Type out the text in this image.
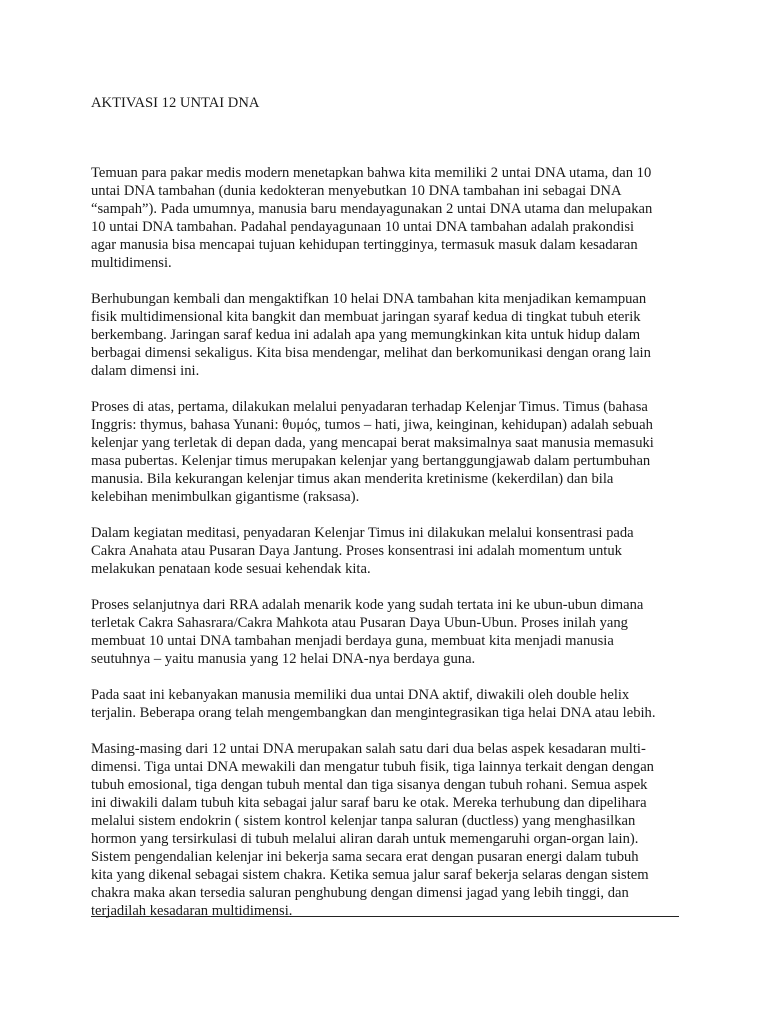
AKTIVASI 12 UNTAI DNA
Temuan para pakar medis modern menetapkan bahwa kita memiliki 2 untai DNA utama, dan 10
untai DNA tambahan (dunia kedokteran menyebutkan 10 DNA tambahan ini sebagai DNA
“sampah”). Pada umumnya, manusia baru mendayagunakan 2 untai DNA utama dan melupakan
10 untai DNA tambahan. Padahal pendayagunaan 10 untai DNA tambahan adalah prakondisi
agar manusia bisa mencapai tujuan kehidupan tertingginya, termasuk masuk dalam kesadaran
multidimensi.
Berhubungan kembali dan mengaktifkan 10 helai DNA tambahan kita menjadikan kemampuan
fisik multidimensional kita bangkit dan membuat jaringan syaraf kedua di tingkat tubuh eterik
berkembang. Jaringan saraf kedua ini adalah apa yang memungkinkan kita untuk hidup dalam
berbagai dimensi sekaligus. Kita bisa mendengar, melihat dan berkomunikasi dengan orang lain
dalam dimensi ini.
Proses di atas, pertama, dilakukan melalui penyadaran terhadap Kelenjar Timus. Timus (bahasa
Inggris: thymus, bahasa Yunani: θυμός, tumos – hati, jiwa, keinginan, kehidupan) adalah sebuah
kelenjar yang terletak di depan dada, yang mencapai berat maksimalnya saat manusia memasuki
masa pubertas. Kelenjar timus merupakan kelenjar yang bertanggungjawab dalam pertumbuhan
manusia. Bila kekurangan kelenjar timus akan menderita kretinisme (kekerdilan) dan bila
kelebihan menimbulkan gigantisme (raksasa).
Dalam kegiatan meditasi, penyadaran Kelenjar Timus ini dilakukan melalui konsentrasi pada
Cakra Anahata atau Pusaran Daya Jantung. Proses konsentrasi ini adalah momentum untuk
melakukan penataan kode sesuai kehendak kita.
Proses selanjutnya dari RRA adalah menarik kode yang sudah tertata ini ke ubun-ubun dimana
terletak Cakra Sahasrara/Cakra Mahkota atau Pusaran Daya Ubun-Ubun. Proses inilah yang
membuat 10 untai DNA tambahan menjadi berdaya guna, membuat kita menjadi manusia
seutuhnya – yaitu manusia yang 12 helai DNA-nya berdaya guna.
Pada saat ini kebanyakan manusia memiliki dua untai DNA aktif, diwakili oleh double helix
terjalin. Beberapa orang telah mengembangkan dan mengintegrasikan tiga helai DNA atau lebih.
Masing-masing dari 12 untai DNA merupakan salah satu dari dua belas aspek kesadaran multi-
dimensi. Tiga untai DNA mewakili dan mengatur tubuh fisik, tiga lainnya terkait dengan dengan
tubuh emosional, tiga dengan tubuh mental dan tiga sisanya dengan tubuh rohani. Semua aspek
ini diwakili dalam tubuh kita sebagai jalur saraf baru ke otak. Mereka terhubung dan dipelihara
melalui sistem endokrin ( sistem kontrol kelenjar tanpa saluran (ductless) yang menghasilkan
hormon yang tersirkulasi di tubuh melalui aliran darah untuk memengaruhi organ-organ lain).
Sistem pengendalian kelenjar ini bekerja sama secara erat dengan pusaran energi dalam tubuh
kita yang dikenal sebagai sistem chakra. Ketika semua jalur saraf bekerja selaras dengan sistem
chakra maka akan tersedia saluran penghubung dengan dimensi jagad yang lebih tinggi, dan
terjadilah kesadaran multidimensi.
